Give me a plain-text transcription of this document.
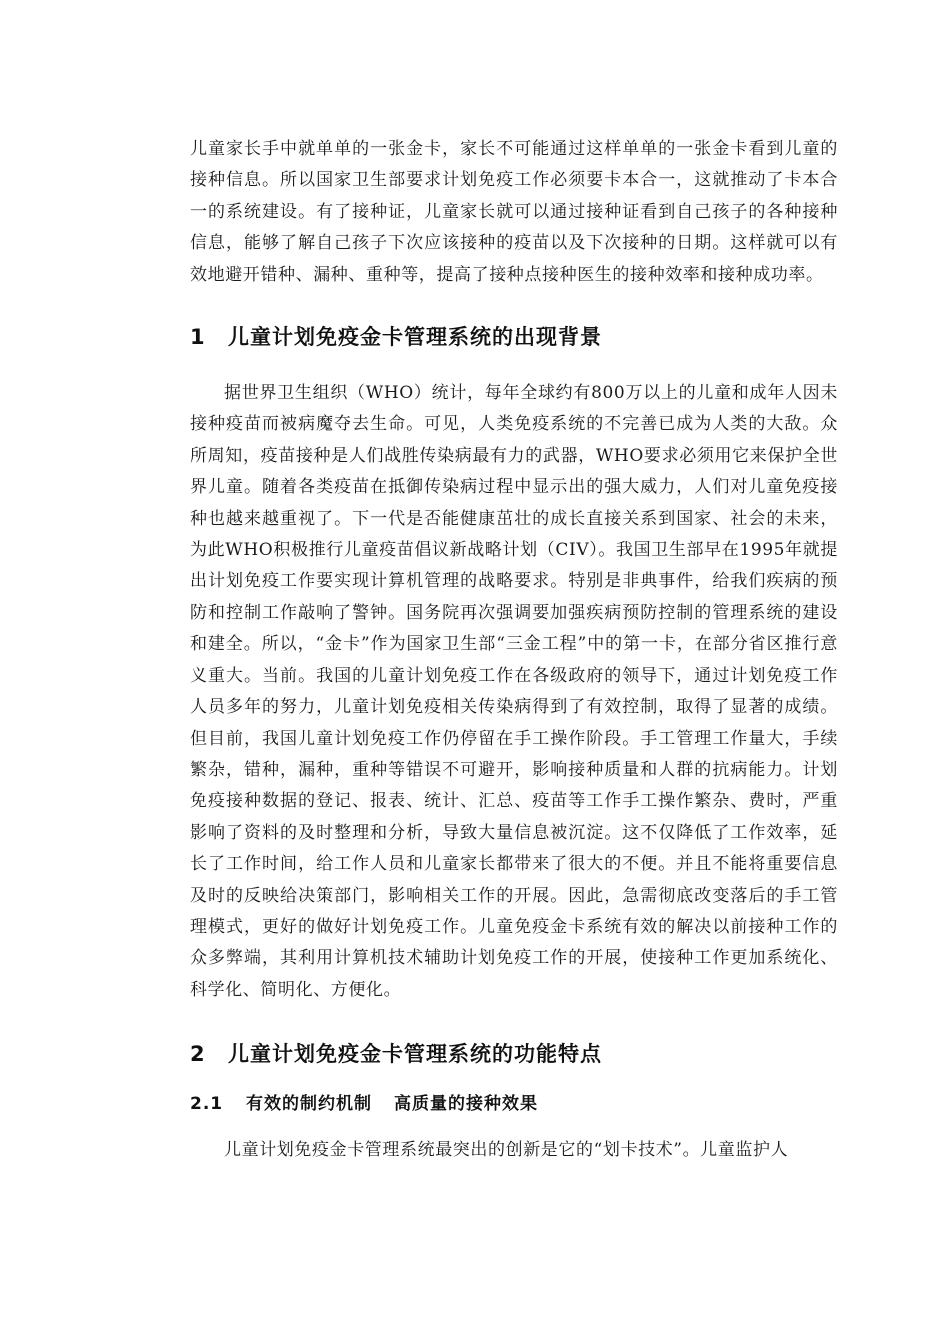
儿童家长手中就单单的一张金卡，家长不可能通过这样单单的一张金卡看到儿童的接种信息。所以国家卫生部要求计划免疫工作必须要卡本合一，这就推动了卡本合一的系统建设。有了接种证，儿童家长就可以通过接种证看到自己孩子的各种接种信息，能够了解自己孩子下次应该接种的疫苗以及下次接种的日期。这样就可以有效地避开错种、漏种、重种等，提高了接种点接种医生的接种效率和接种成功率。

1 儿童计划免疫金卡管理系统的出现背景

据世界卫生组织（WHO）统计，每年全球约有800万以上的儿童和成年人因未接种疫苗而被病魔夺去生命。可见，人类免疫系统的不完善已成为人类的大敌。众所周知，疫苗接种是人们战胜传染病最有力的武器，WHO要求必须用它来保护全世界儿童。随着各类疫苗在抵御传染病过程中显示出的强大威力，人们对儿童免疫接种也越来越重视了。下一代是否能健康茁壮的成长直接关系到国家、社会的未来，为此WHO积极推行儿童疫苗倡议新战略计划（CIV）。我国卫生部早在1995年就提出计划免疫工作要实现计算机管理的战略要求。特别是非典事件，给我们疾病的预防和控制工作敲响了警钟。国务院再次强调要加强疾病预防控制的管理系统的建设和建全。所以，“金卡”作为国家卫生部“三金工程”中的第一卡，在部分省区推行意义重大。当前。我国的儿童计划免疫工作在各级政府的领导下，通过计划免疫工作人员多年的努力，儿童计划免疫相关传染病得到了有效控制，取得了显著的成绩。但目前，我国儿童计划免疫工作仍停留在手工操作阶段。手工管理工作量大，手续繁杂，错种，漏种，重种等错误不可避开，影响接种质量和人群的抗病能力。计划免疫接种数据的登记、报表、统计、汇总、疫苗等工作手工操作繁杂、费时，严重影响了资料的及时整理和分析，导致大量信息被沉淀。这不仅降低了工作效率，延长了工作时间，给工作人员和儿童家长都带来了很大的不便。并且不能将重要信息及时的反映给决策部门，影响相关工作的开展。因此，急需彻底改变落后的手工管理模式，更好的做好计划免疫工作。儿童免疫金卡系统有效的解决以前接种工作的众多弊端，其利用计算机技术辅助计划免疫工作的开展，使接种工作更加系统化、科学化、简明化、方便化。

2 儿童计划免疫金卡管理系统的功能特点
2.1 有效的制约机制 高质量的接种效果

儿童计划免疫金卡管理系统最突出的创新是它的“划卡技术”。儿童监护人
